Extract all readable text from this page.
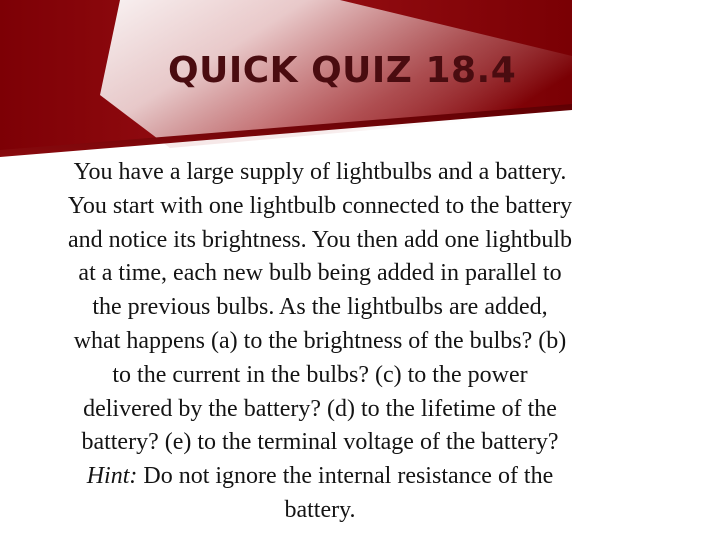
QUICK QUIZ 18.4

You have a large supply of lightbulbs and a battery.
You start with one lightbulb connected to the battery
and notice its brightness. You then add one lightbulb
at a time, each new bulb being added in parallel to
the previous bulbs. As the lightbulbs are added,
what happens (a) to the brightness of the bulbs? (b)
to the current in the bulbs? (c) to the power
delivered by the battery? (d) to the lifetime of the
battery? (e) to the terminal voltage of the battery?
Hint: Do not ignore the internal resistance of the
battery.
